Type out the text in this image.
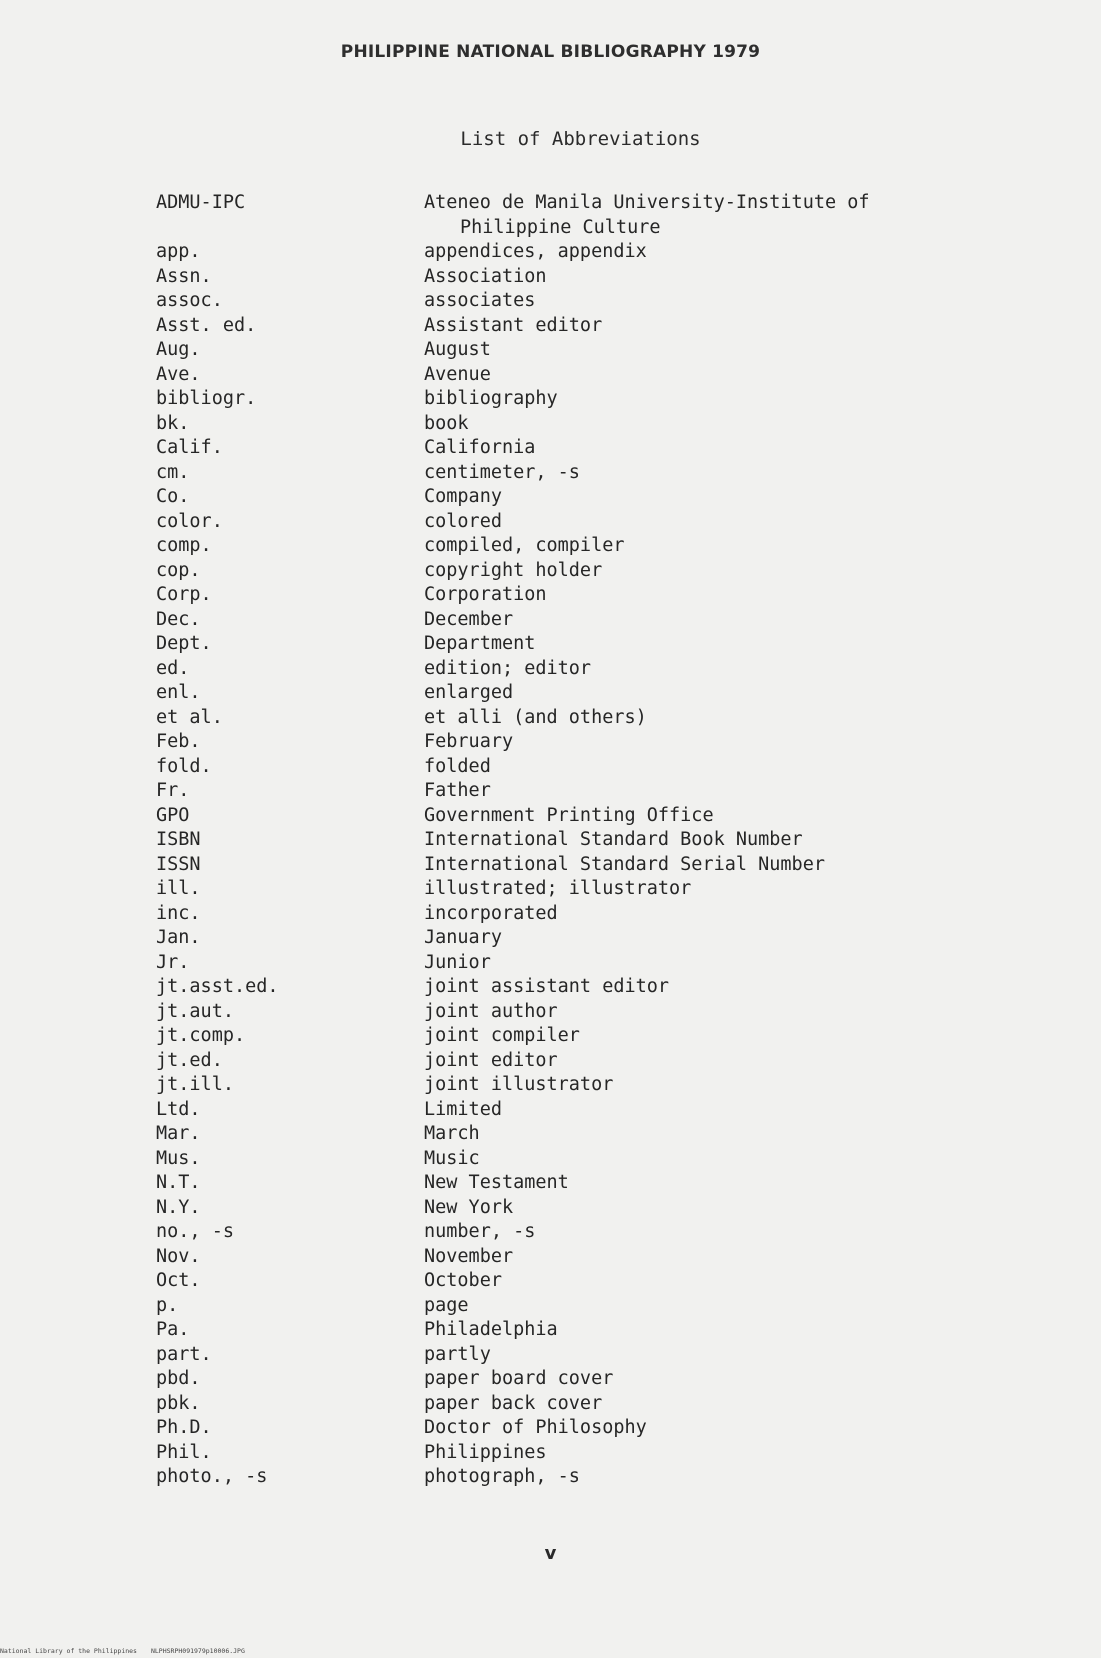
PHILIPPINE NATIONAL BIBLIOGRAPHY 1979
List of Abbreviations
ADMU-IPC	Ateneo de Manila University-Institute of
Philippine Culture
app.	appendices, appendix
Assn.	Association
assoc.	associates
Asst. ed.	Assistant editor
Aug.	August
Ave.	Avenue
bibliogr.	bibliography
bk.	book
Calif.	California
cm.	centimeter, -s
Co.	Company
color.	colored
comp.	compiled, compiler
cop.	copyright holder
Corp.	Corporation
Dec.	December
Dept.	Department
ed.	edition; editor
enl.	enlarged
et al.	et alli (and others)
Feb.	February
fold.	folded
Fr.	Father
GPO	Government Printing Office
ISBN	International Standard Book Number
ISSN	International Standard Serial Number
ill.	illustrated; illustrator
inc.	incorporated
Jan.	January
Jr.	Junior
jt.asst.ed.	joint assistant editor
jt.aut.	joint author
jt.comp.	joint compiler
jt.ed.	joint editor
jt.ill.	joint illustrator
Ltd.	Limited
Mar.	March
Mus.	Music
N.T.	New Testament
N.Y.	New York
no., -s	number, -s
Nov.	November
Oct.	October
p.	page
Pa.	Philadelphia
part.	partly
pbd.	paper board cover
pbk.	paper back cover
Ph.D.	Doctor of Philosophy
Phil.	Philippines
photo., -s	photograph, -s
v
National Library of the Philippines NLPHSRPH091979p10006.JPG
